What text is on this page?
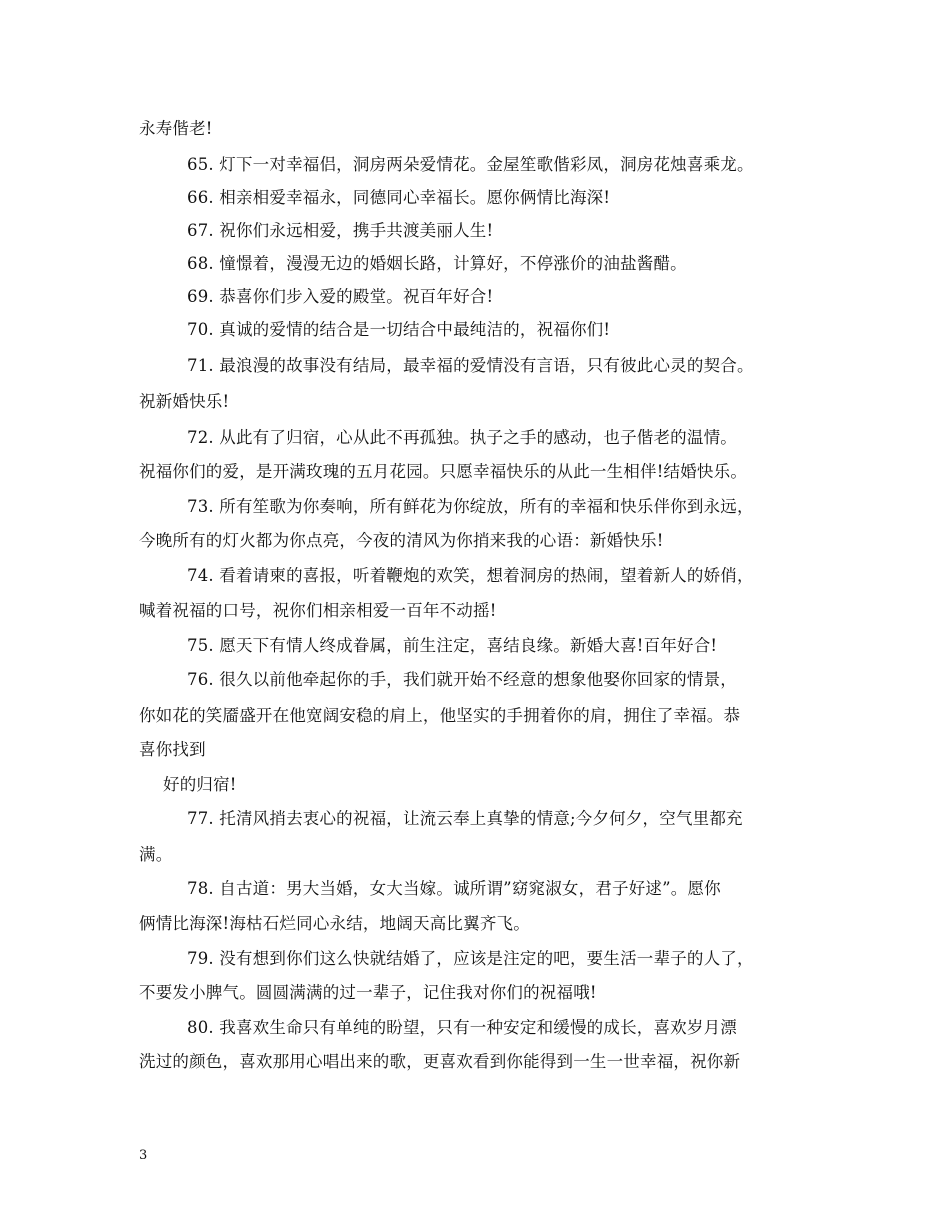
永寿偕老!

65. 灯下一对幸福侣，洞房两朵爱情花。金屋笙歌偕彩凤，洞房花烛喜乘龙。

66. 相亲相爱幸福永，同德同心幸福长。愿你俩情比海深!

67. 祝你们永远相爱，携手共渡美丽人生!

68. 憧憬着，漫漫无边的婚姻长路，计算好，不停涨价的油盐酱醋。

69. 恭喜你们步入爱的殿堂。祝百年好合!

70. 真诚的爱情的结合是一切结合中最纯洁的，祝福你们!

71. 最浪漫的故事没有结局，最幸福的爱情没有言语，只有彼此心灵的契合。

祝新婚快乐!

72. 从此有了归宿，心从此不再孤独。执子之手的感动，也子偕老的温情。

祝福你们的爱，是开满玫瑰的五月花园。只愿幸福快乐的从此一生相伴!结婚快乐。

73. 所有笙歌为你奏响，所有鲜花为你绽放，所有的幸福和快乐伴你到永远，

今晚所有的灯火都为你点亮，今夜的清风为你捎来我的心语：新婚快乐!

74. 看着请柬的喜报，听着鞭炮的欢笑，想着洞房的热闹，望着新人的娇俏，

喊着祝福的口号，祝你们相亲相爱一百年不动摇!

75. 愿天下有情人终成眷属，前生注定，喜结良缘。新婚大喜!百年好合!

76. 很久以前他牵起你的手，我们就开始不经意的想象他娶你回家的情景，

你如花的笑靥盛开在他宽阔安稳的肩上，他坚实的手拥着你的肩，拥住了幸福。恭

喜你找到

好的归宿!

77. 托清风捎去衷心的祝福，让流云奉上真挚的情意;今夕何夕，空气里都充

满。

78. 自古道：男大当婚，女大当嫁。诚所谓”窈窕淑女，君子好逑”。愿你

俩情比海深!海枯石烂同心永结，地阔天高比翼齐飞。

79. 没有想到你们这么快就结婚了，应该是注定的吧，要生活一辈子的人了，

不要发小脾气。圆圆满满的过一辈子，记住我对你们的祝福哦!

80. 我喜欢生命只有单纯的盼望，只有一种安定和缓慢的成长，喜欢岁月漂

洗过的颜色，喜欢那用心唱出来的歌，更喜欢看到你能得到一生一世幸福，祝你新

3
